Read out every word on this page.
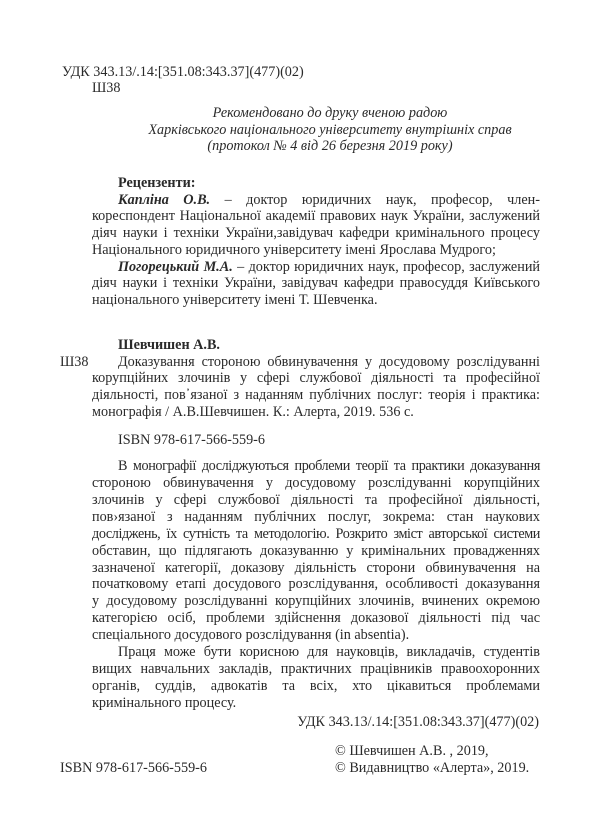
УДК 343.13/.14:[351.08:343.37](477)(02)
Ш38
Рекомендовано до друку вченою радою
Харківського національного університету внутрішніх справ
(протокол № 4 від 26 березня 2019 року)
Рецензенти:
Капліна О.В. – доктор юридичних наук, професор, член-
кореспондент Національної академії правових наук України, заслужений
діяч науки і техніки України,завідувач кафедри кримінального процесу
Національного юридичного університету імені Ярослава Мудрого;
Погорецький М.А. – доктор юридичних наук, професор, заслужений
діяч науки і техніки України, завідувач кафедри правосуддя Київського
національного університету імені Т. Шевченка.
Шевчишен А.В.
Ш38 Доказування стороною обвинувачення у досудовому розслідуванні
корупційних злочинів у сфері службової діяльності та професійної
діяльності, пов᾿язаної з наданням публічних послуг: теорія і практика:
монографія / А.В.Шевчишен. К.: Алерта, 2019. 536 с.
ISBN 978-617-566-559-6
В монографії досліджуються проблеми теорії та практики доказування
стороною обвинувачення у досудовому розслідуванні корупційних
злочинів у сфері службової діяльності та професійної діяльності,
пов›язаної з наданням публічних послуг, зокрема: стан наукових
досліджень, їх сутність та методологію. Розкрито зміст авторської системи
обставин, що підлягають доказуванню у кримінальних провадженнях
зазначеної категорії, доказову діяльність сторони обвинувачення на
початковому етапі досудового розслідування, особливості доказування
у досудовому розслідуванні корупційних злочинів, вчинених окремою
категорією осіб, проблеми здійснення доказової діяльності під час
спеціального досудового розслідування (in absentia).
Праця може бути корисною для науковців, викладачів, студентів
вищих навчальних закладів, практичних працівників правоохоронних
органів, суддів, адвокатів та всіх, хто цікавиться проблемами
кримінального процесу.
УДК 343.13/.14:[351.08:343.37](477)(02)
© Шевчишен А.В. , 2019,
ISBN 978-617-566-559-6	© Видавництво «Алерта», 2019.
